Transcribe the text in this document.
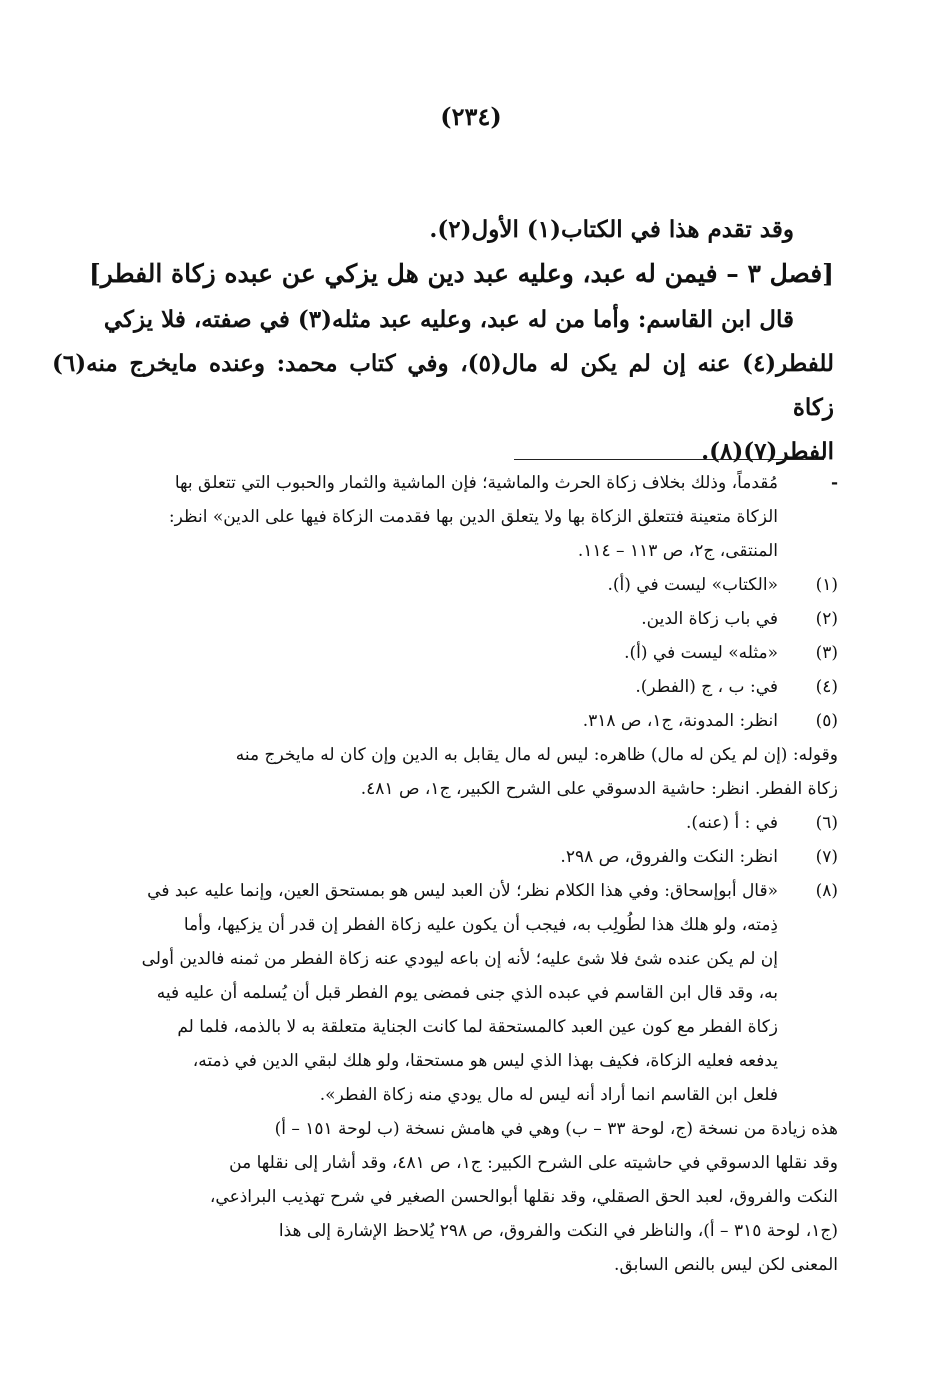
(٢٣٤)

وقد تقدم هذا في الكتاب(١) الأول(٢).

[فصل ٣ – فيمن له عبد، وعليه عبد دين هل يزكي عن عبده زكاة الفطر]

قال ابن القاسم: وأما من له عبد، وعليه عبد مثله(٣) في صفته، فلا يزكي

للفطر(٤) عنه إن لم يكن له مال(٥)، وفي كتاب محمد: وعنده مايخرج منه(٦) زكاة

الفطر(٧)(٨).

-
مُقدماً، وذلك بخلاف زكاة الحرث والماشية؛ فإن الماشية والثمار والحبوب التي تتعلق بها
الزكاة متعينة فتتعلق الزكاة بها ولا يتعلق الدين بها فقدمت الزكاة فيها على الدين» انظر:
المنتقى، ج٢، ص ١١٣ – ١١٤.
(١)
«الكتاب» ليست في (أ).
(٢)
في باب زكاة الدين.
(٣)
«مثله» ليست في (أ).
(٤)
في: ب ، ج (الفطر).
(٥)
انظر: المدونة، ج١، ص ٣١٨.
وقوله: (إن لم يكن له مال) ظاهره: ليس له مال يقابل به الدين وإن كان له مايخرج منه
زكاة الفطر. انظر: حاشية الدسوقي على الشرح الكبير، ج١، ص ٤٨١.
(٦)
في : أ (عنه).
(٧)
انظر: النكت والفروق، ص ٢٩٨.
(٨)
«قال أبوإسحاق: وفي هذا الكلام نظر؛ لأن العبد ليس هو بمستحق العين، وإنما عليه عبد في
ذِمته، ولو هلك هذا لطُولِب به، فيجب أن يكون عليه زكاة الفطر إن قدر أن يزكيها، وأما
إن لم يكن عنده شئ فلا شئ عليه؛ لأنه إن باعه ليودي عنه زكاة الفطر من ثمنه فالدين أولى
به، وقد قال ابن القاسم في عبده الذي جنى فمضى يوم الفطر قبل أن يُسلمه أن عليه فيه
زكاة الفطر مع كون عين العبد كالمستحقة لما كانت الجناية متعلقة به لا بالذمه، فلما لم
يدفعه فعليه الزكاة، فكيف بهذا الذي ليس هو مستحقا، ولو هلك لبقي الدين في ذمته،
فلعل ابن القاسم انما أراد أنه ليس له مال يودي منه زكاة الفطر».
هذه زيادة من نسخة (ج، لوحة ٣٣ – ب) وهي في هامش نسخة (ب لوحة ١٥١ – أ)
وقد نقلها الدسوقي في حاشيته على الشرح الكبير: ج١، ص ٤٨١، وقد أشار إلى نقلها من
النكت والفروق، لعبد الحق الصقلي، وقد نقلها أبوالحسن الصغير في شرح تهذيب البراذعي،
(ج١، لوحة ٣١٥ – أ)، والناظر في النكت والفروق، ص ٢٩٨ يُلاحظ الإشارة إلى هذا
المعنى لكن ليس بالنص السابق.
